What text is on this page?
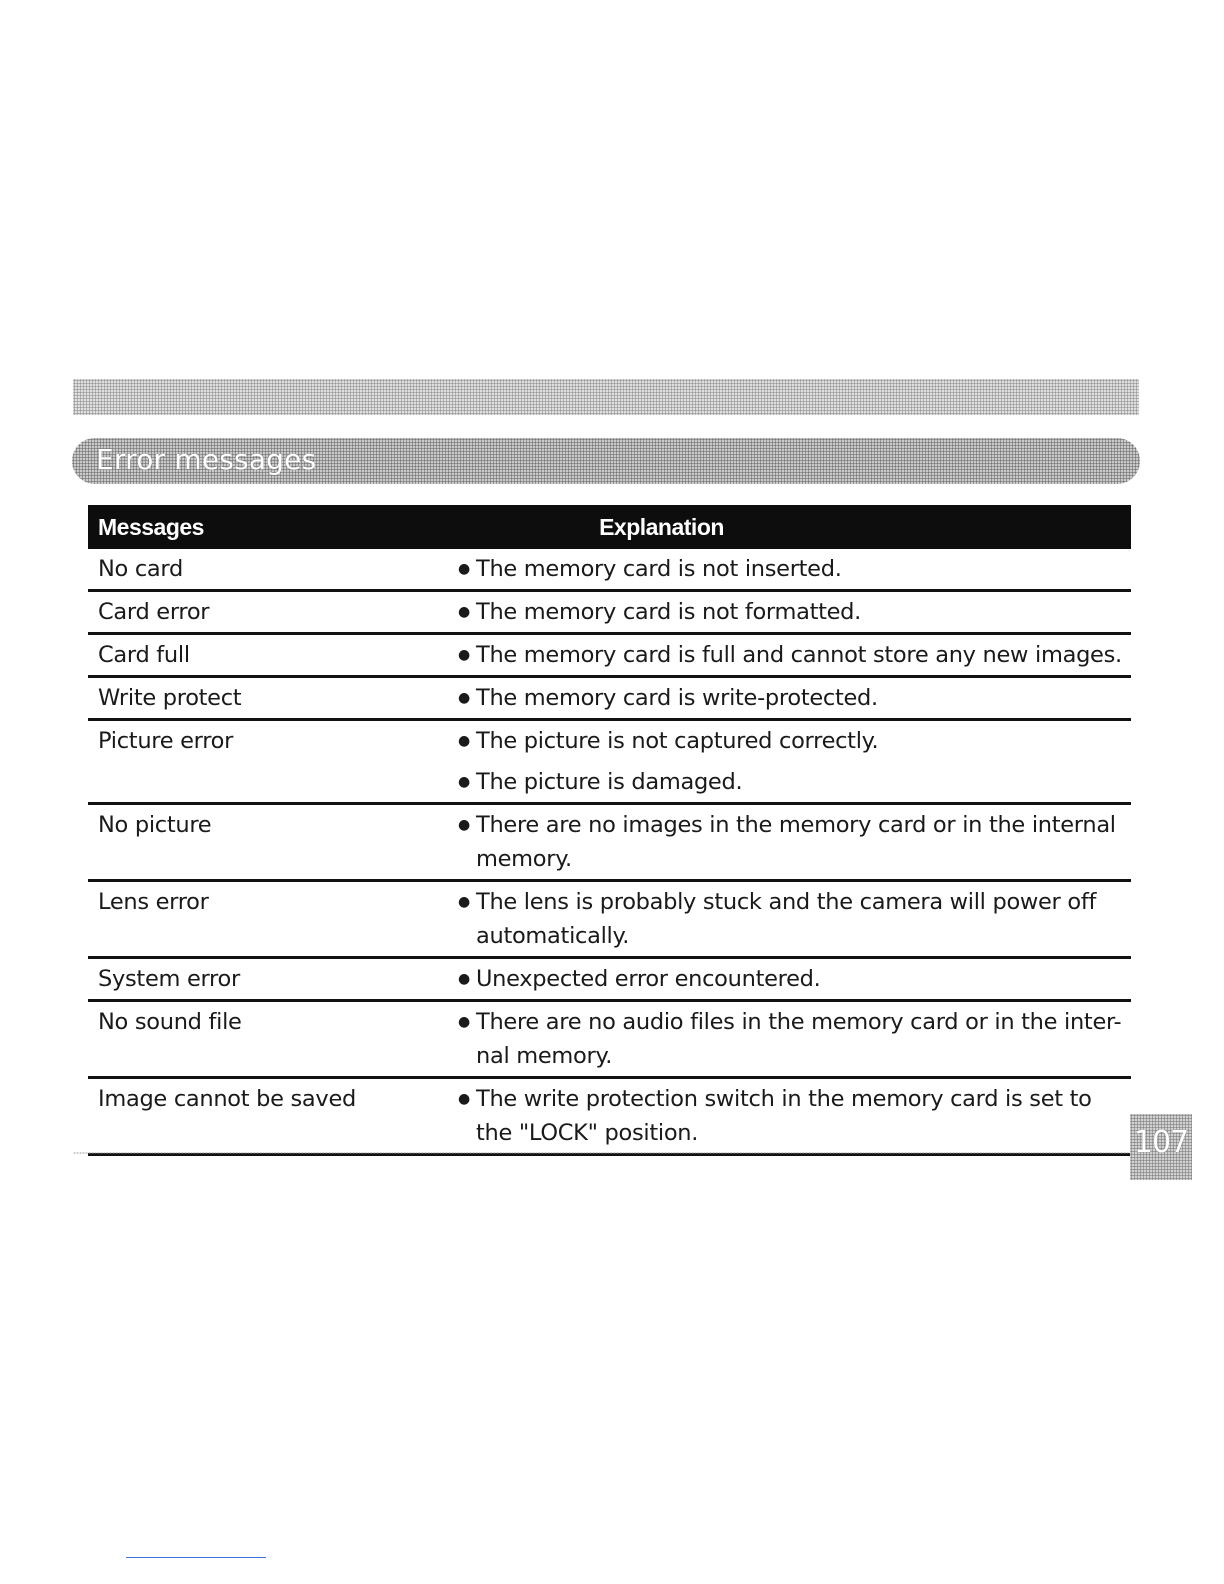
Error messages
Messages	Explanation
No card	● The memory card is not inserted.

Card error	● The memory card is not formatted.

Card full	● The memory card is full and cannot store any new images.

Write protect	● The memory card is write-protected.

Picture error	● The picture is not captured correctly.
● The picture is damaged.

No picture	● There are no images in the memory card or in the internal memory.

Lens error	● The lens is probably stuck and the camera will power off automatically.

System error	● Unexpected error encountered.

No sound file	● There are no audio files in the memory card or in the inter-nal memory.

Image cannot be saved	● The write protection switch in the memory card is set to the "LOCK" position.	107
